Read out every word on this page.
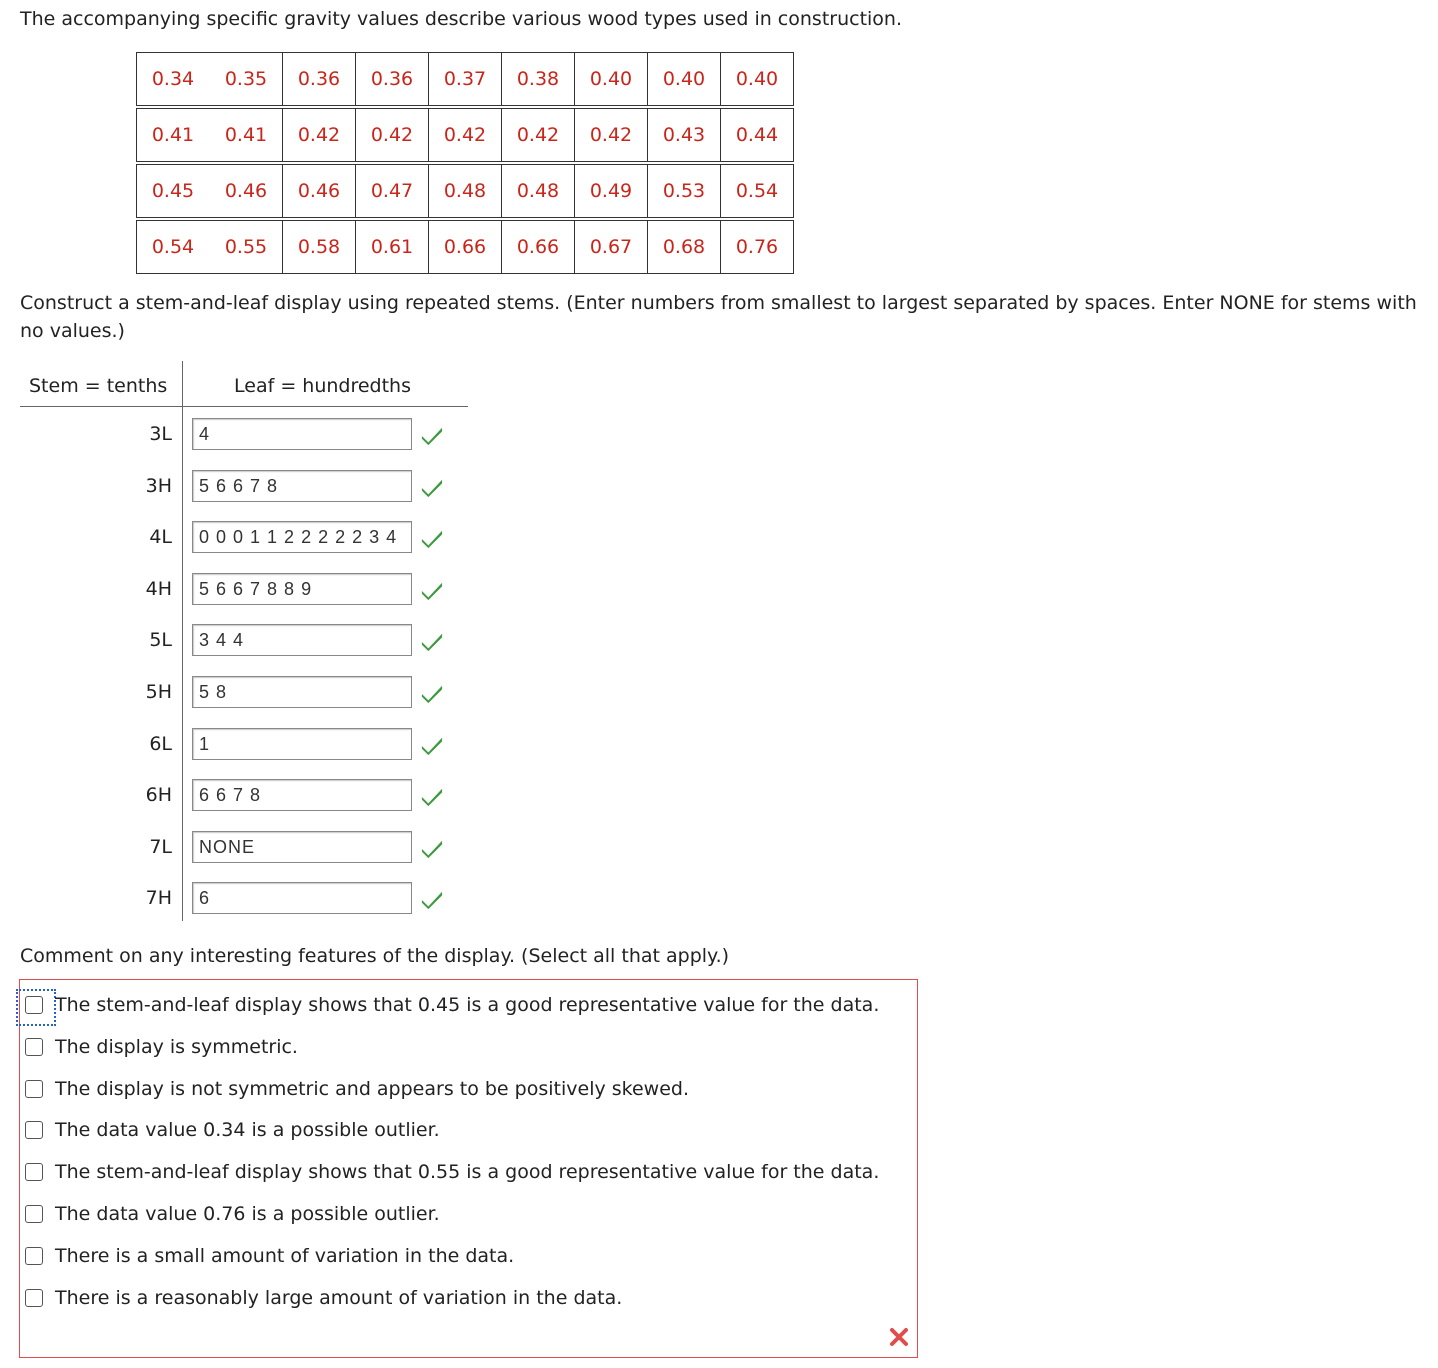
The accompanying specific gravity values describe various wood types used in construction.
0.34	0.35	0.36	0.36	0.37	0.38	0.40	0.40	0.40

0.41	0.41	0.42	0.42	0.42	0.42	0.42	0.43	0.44

0.45	0.46	0.46	0.47	0.48	0.48	0.49	0.53	0.54

0.54	0.55	0.58	0.61	0.66	0.66	0.67	0.68	0.76
Construct a stem-and-leaf display using repeated stems. (Enter numbers from smallest to largest separated by spaces. Enter NONE for stems with no values.)
Stem = tenths	Leaf = hundredths
3L	4
3H	5 6 6 7 8
4L	0 0 0 1 1 2 2 2 2 2 3 4
4H	5 6 6 7 8 8 9
5L	3 4 4
5H	5 8
6L	1
6H	6 6 7 8
7L	NONE
7H	6
Comment on any interesting features of the display. (Select all that apply.)
The stem-and-leaf display shows that 0.45 is a good representative value for the data.
The display is symmetric.
The display is not symmetric and appears to be positively skewed.
The data value 0.34 is a possible outlier.
The stem-and-leaf display shows that 0.55 is a good representative value for the data.
The data value 0.76 is a possible outlier.
There is a small amount of variation in the data.
There is a reasonably large amount of variation in the data.
